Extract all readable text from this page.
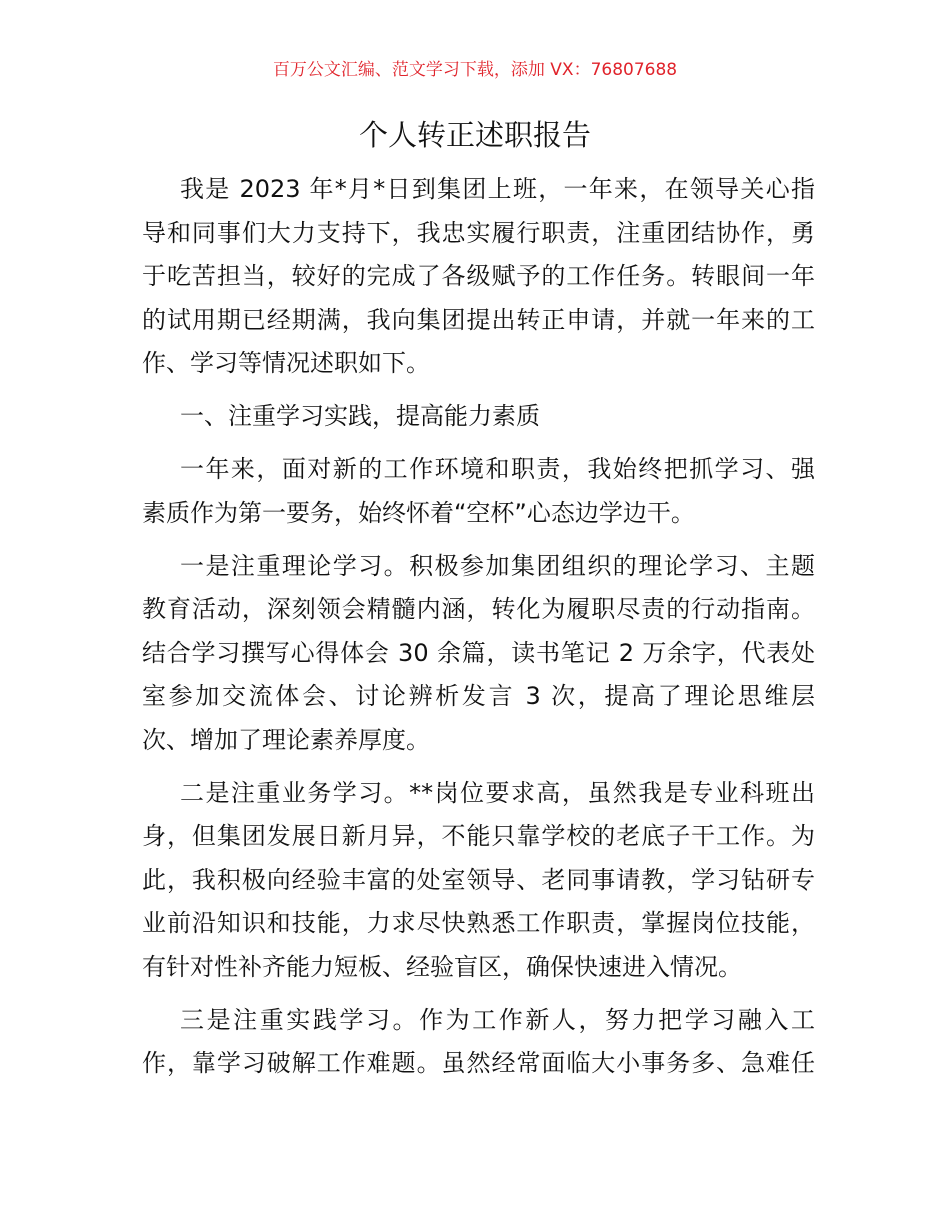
百万公文汇编、范文学习下载，添加 VX：76807688
个人转正述职报告
我是 2023 年*月*日到集团上班，一年来，在领导关心指
导和同事们大力支持下，我忠实履行职责，注重团结协作，勇
于吃苦担当，较好的完成了各级赋予的工作任务。转眼间一年
的试用期已经期满，我向集团提出转正申请，并就一年来的工
作、学习等情况述职如下。
一、注重学习实践，提高能力素质
一年来，面对新的工作环境和职责，我始终把抓学习、强
素质作为第一要务，始终怀着“空杯”心态边学边干。
一是注重理论学习。积极参加集团组织的理论学习、主题
教育活动，深刻领会精髓内涵，转化为履职尽责的行动指南。
结合学习撰写心得体会 30 余篇，读书笔记 2 万余字，代表处
室参加交流体会、讨论辨析发言 3 次，提高了理论思维层
次、增加了理论素养厚度。
二是注重业务学习。**岗位要求高，虽然我是专业科班出
身，但集团发展日新月异，不能只靠学校的老底子干工作。为
此，我积极向经验丰富的处室领导、老同事请教，学习钻研专
业前沿知识和技能，力求尽快熟悉工作职责，掌握岗位技能，
有针对性补齐能力短板、经验盲区，确保快速进入情况。
三是注重实践学习。作为工作新人，努力把学习融入工
作，靠学习破解工作难题。虽然经常面临大小事务多、急难任
